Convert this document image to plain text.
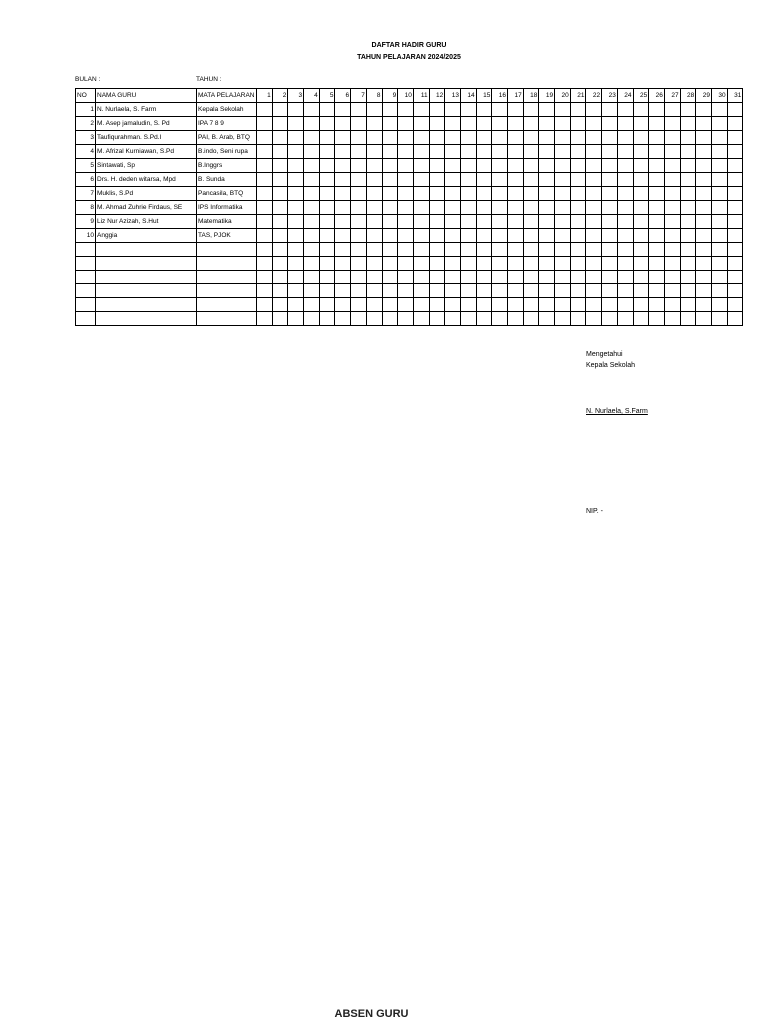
DAFTAR HADIR GURU
TAHUN PELAJARAN 2024/2025
BULAN :	TAHUN :
NO	NAMA GURU	MATA PELAJARAN	1	2	3	4	5	6	7	8	9	10	11	12	13	14	15	16	17	18	19	20	21	22	23	24	25	26	27	28	29	30	31
1	N. Nurlaela, S. Farm	Kepala Sekolah																															
2	M. Asep jamaludin, S. Pd	IPA 7 8 9																															
3	Taufiqurahman. S.Pd.I	PAI, B. Arab, BTQ																															
4	M. Afrizal Kurniawan, S.Pd	B.indo, Seni rupa																															
5	Sintawati, Sp	B.Inggrs																															
6	Drs. H. deden witarsa, Mpd	B. Sunda																															
7	Muklis, S.Pd	Pancasila, BTQ																															
8	M. Ahmad Zuhrie Firdaus, SE	IPS Informatika																															
9	Liz Nur Azizah, S.Hut	Matematika																															
10	Anggia	TAS, PJOK																															

Mengetahui
Kepala Sekolah
N. Nurlaela, S.Farm
NIP. -
ABSEN GURU
